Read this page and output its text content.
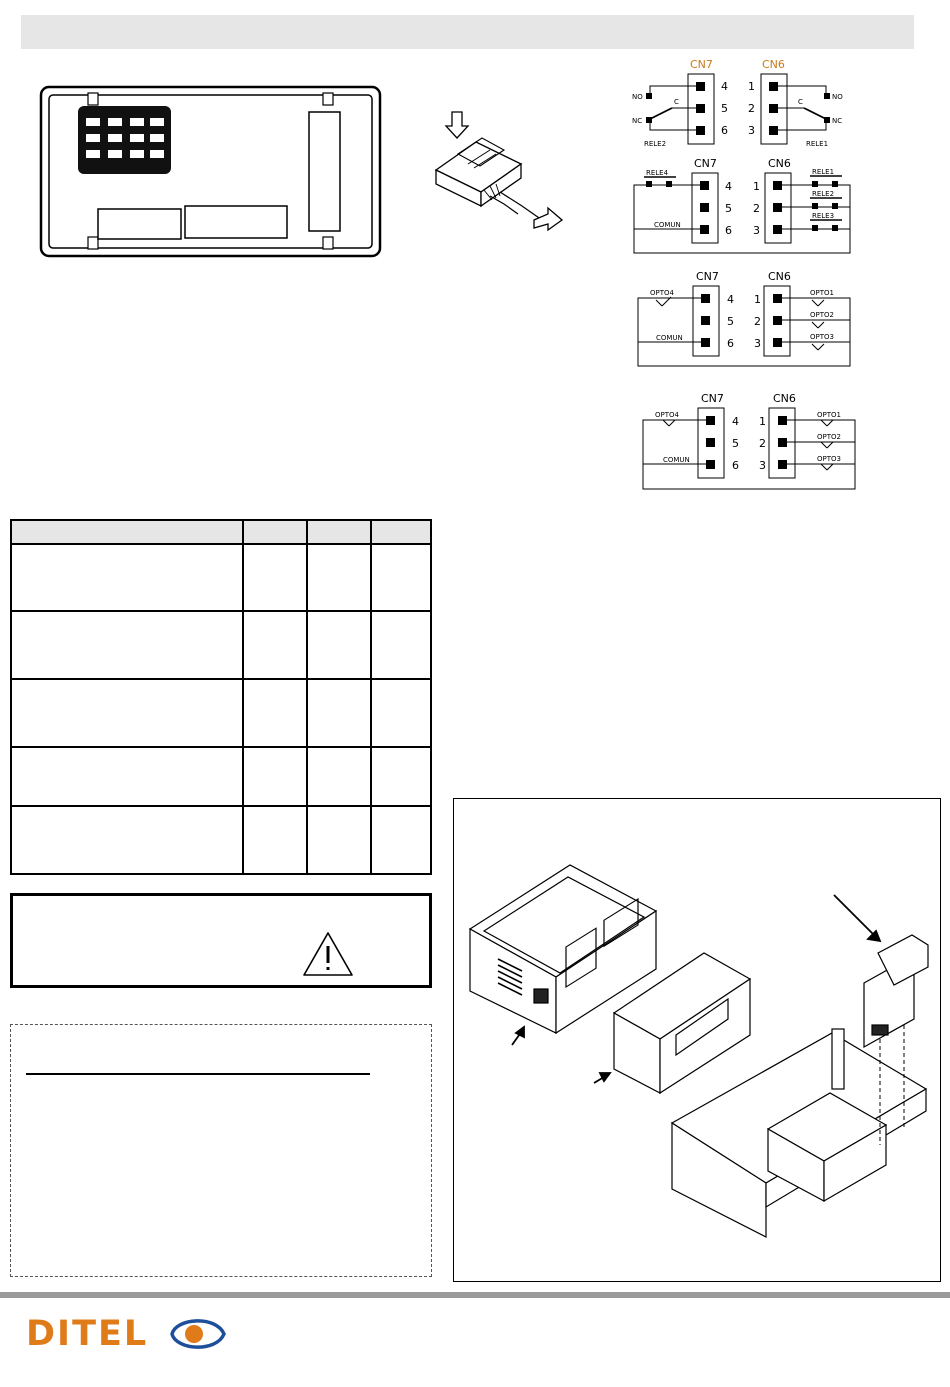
CN7	CN6
4
5
6
1
2
3
NO
NC
C
RELE2
NO
NC
C
RELE1
CN7	CN6
4
5
6
1
2
3
RELE4
COMUN
RELE1
RELE2
RELE3
CN7	CN6
4
5
6
1
2
3
OPTO4
COMUN
OPTO1
OPTO2
OPTO3
CN7	CN6
4
5
6
1
2
3
OPTO4
COMUN
OPTO1
OPTO2
OPTO3

DITEL
